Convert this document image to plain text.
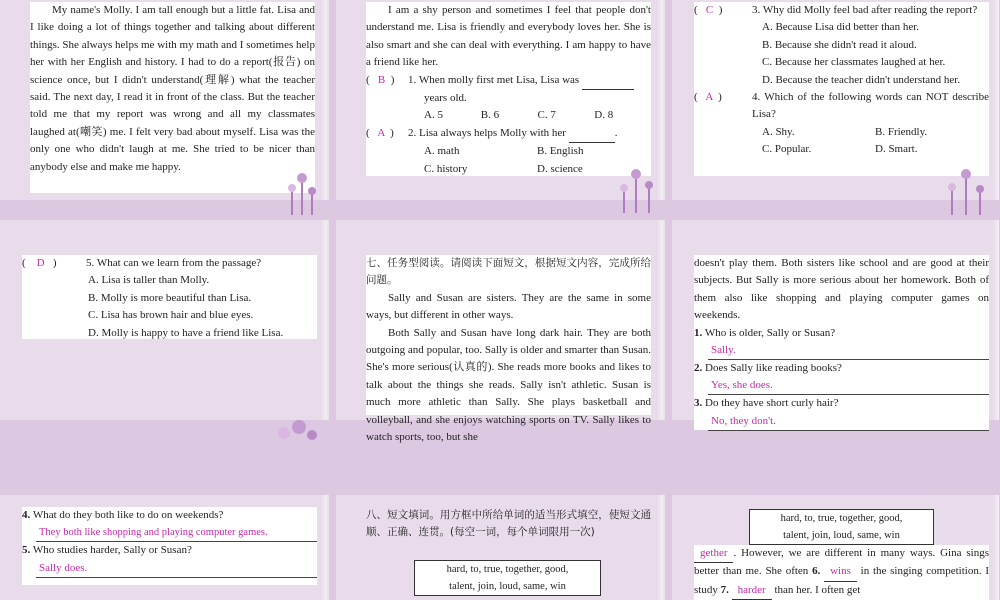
My name's Molly. I am tall enough but a little fat. Lisa and I like doing a lot of things together and talking about different things. She always helps me with my math and I sometimes help her with her English and history. I had to do a report(报告) on science once, but I didn't understand(理解) what the teacher said. The next day, I read it in front of the class. But the teacher told me that my report was wrong and all my classmates laughed at(嘲笑) me. I felt very bad about myself. Lisa was the only one who didn't laugh at me. She tried to be nicer than anybody else and make me happy.

I am a shy person and sometimes I feel that people don't understand me. Lisa is friendly and everybody loves her. She is also smart and she can deal with everything. I am happy to have a friend like her.

( B )	1. When molly first met Lisa, Lisa was
years old.
A. 5	B. 6	C. 7	D. 8
( A )	2. Lisa always helps Molly with her	.
A. math	B. English
C. history	D. science
( C )	3. Why did Molly feel bad after reading the report?
A. Because Lisa did better than her.
B. Because she didn't read it aloud.
C. Because her classmates laughed at her.
D. Because the teacher didn't understand her.
( A )	4. Which of the following words can NOT describe Lisa?
A. Shy.	B. Friendly.
C. Popular.	D. Smart.
( D )	5. What can we learn from the passage?
A. Lisa is taller than Molly.
B. Molly is more beautiful than Lisa.
C. Lisa has brown hair and blue eyes.
D. Molly is happy to have a friend like Lisa.

七、任务型阅读。请阅读下面短文，根据短文内容，完成所给问题。

Sally and Susan are sisters. They are the same in some ways, but different in other ways.

Both Sally and Susan have long dark hair. They are both outgoing and popular, too. Sally is older and smarter than Susan. She's more serious(认真的). She reads more books and likes to talk about the things she reads. Sally isn't athletic. Susan is much more athletic than Sally. She plays basketball and volleyball, and she enjoys watching sports on TV. Sally likes to watch sports, too, but she

doesn't play them. Both sisters like school and are good at their subjects. But Sally is more serious about her homework. Both of them also like shopping and playing computer games on weekends.

1. Who is older, Sally or Susan?
Sally.
2. Does Sally like reading books?
Yes, she does.
3. Do they have short curly hair?
No, they don't.
4. What do they both like to do on weekends?
They both like shopping and playing computer games.
5. Who studies harder, Sally or Susan?
Sally does.

八、短文填词。用方框中所给单词的适当形式填空，使短文通顺、正确、连贯。(每空一词，每个单词限用一次)

hard, to, true, together, good,
talent, join, loud, same, win
hard, to, true, together, good,
talent, join, loud, same, win
gether . However, we are different in many ways. Gina sings better than me. She often 6. wins in the singing competition. I study 7. harder than her. I often get
